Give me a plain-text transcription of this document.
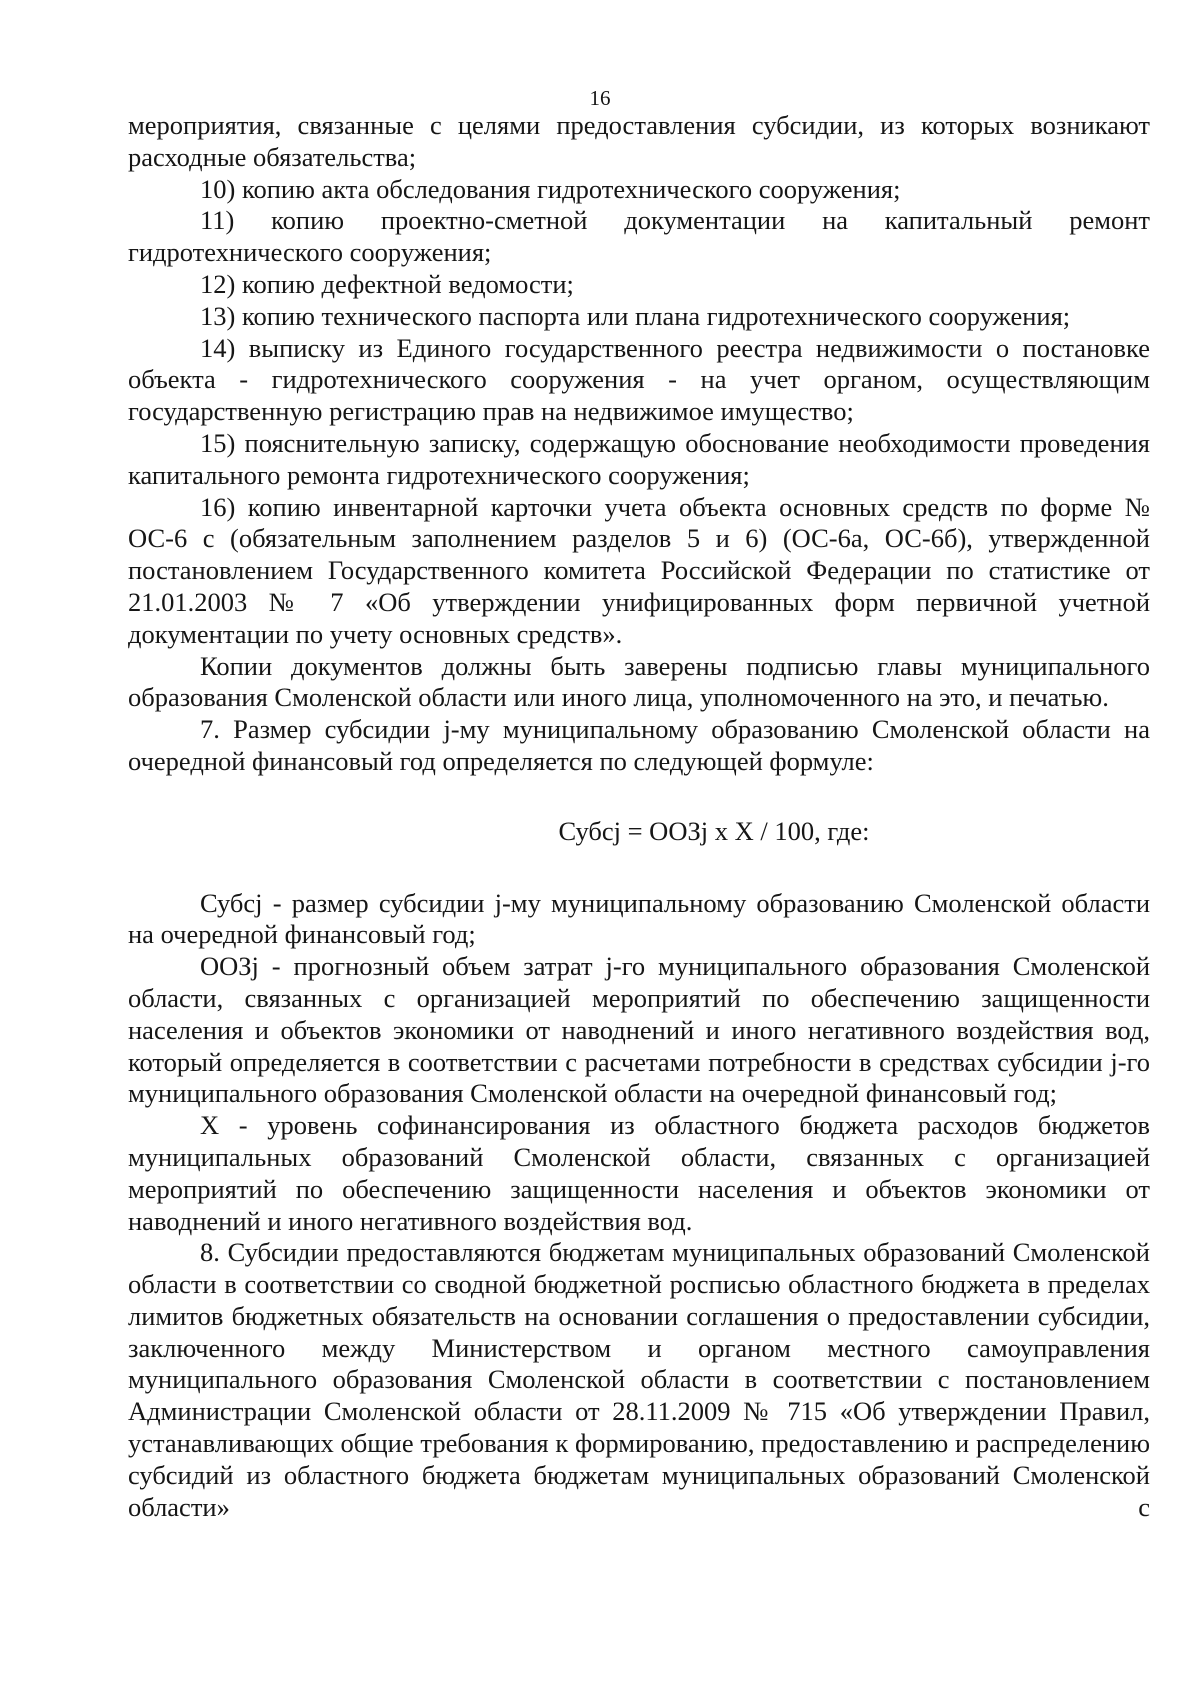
16

мероприятия, связанные с целями предоставления субсидии, из которых возникают расходные обязательства;

10) копию акта обследования гидротехнического сооружения;

11) копию проектно-сметной документации на капитальный ремонт гидротехнического сооружения;

12) копию дефектной ведомости;

13) копию технического паспорта или плана гидротехнического сооружения;

14) выписку из Единого государственного реестра недвижимости о постановке объекта - гидротехнического сооружения - на учет органом, осуществляющим государственную регистрацию прав на недвижимое имущество;

15) пояснительную записку, содержащую обоснование необходимости проведения капитального ремонта гидротехнического сооружения;

16) копию инвентарной карточки учета объекта основных средств по форме № ОС-6 с (обязательным заполнением разделов 5 и 6) (ОС-6а, ОС-6б), утвержденной постановлением Государственного комитета Российской Федерации по статистике от 21.01.2003 № 7 «Об утверждении унифицированных форм первичной учетной документации по учету основных средств».

Копии документов должны быть заверены подписью главы муниципального образования Смоленской области или иного лица, уполномоченного на это, и печатью.

7. Размер субсидии j-му муниципальному образованию Смоленской области на очередной финансовый год определяется по следующей формуле:

Субсj = ООЗj x X / 100, где:

Субсj - размер субсидии j-му муниципальному образованию Смоленской области на очередной финансовый год;

ООЗj - прогнозный объем затрат j-го муниципального образования Смоленской области, связанных с организацией мероприятий по обеспечению защищенности населения и объектов экономики от наводнений и иного негативного воздействия вод, который определяется в соответствии с расчетами потребности в средствах субсидии j-го муниципального образования Смоленской области на очередной финансовый год;

X - уровень софинансирования из областного бюджета расходов бюджетов муниципальных образований Смоленской области, связанных с организацией мероприятий по обеспечению защищенности населения и объектов экономики от наводнений и иного негативного воздействия вод.

8. Субсидии предоставляются бюджетам муниципальных образований Смоленской области в соответствии со сводной бюджетной росписью областного бюджета в пределах лимитов бюджетных обязательств на основании соглашения о предоставлении субсидии, заключенного между Министерством и органом местного самоуправления муниципального образования Смоленской области в соответствии с постановлением Администрации Смоленской области от 28.11.2009 № 715 «Об утверждении Правил, устанавливающих общие требования к формированию, предоставлению и распределению субсидий из областного бюджета бюджетам муниципальных образований Смоленской области» с
